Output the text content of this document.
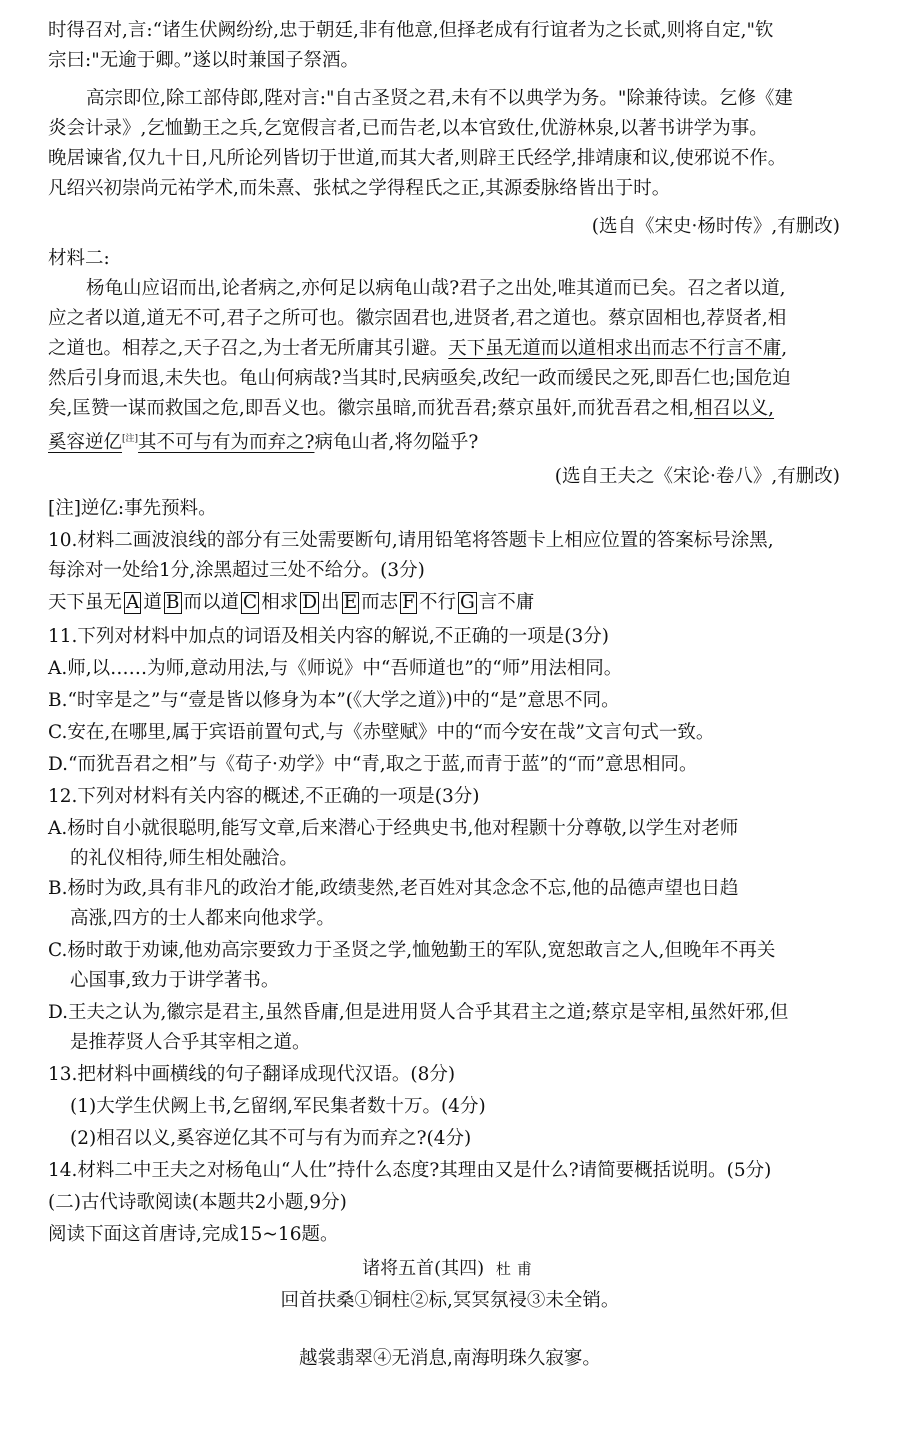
时得召对,言:“诸生伏阙纷纷,忠于朝廷,非有他意,但择老成有行谊者为之长贰,则将自定,"钦
宗曰:"无逾于卿。”遂以时兼国子祭酒。
高宗即位,除工部侍郎,陛对言:"自古圣贤之君,未有不以典学为务。"除兼待读。乞修《建
炎会计录》,乞恤勤王之兵,乞宽假言者,已而告老,以本官致仕,优游林泉,以著书讲学为事。
晚居谏省,仅九十日,凡所论列皆切于世道,而其大者,则辟王氏经学,排靖康和议,使邪说不作。
凡绍兴初崇尚元祐学术,而朱熹、张栻之学得程氏之正,其源委脉络皆出于时。
(选自《宋史·杨时传》,有删改)
材料二:
杨龟山应诏而出,论者病之,亦何足以病龟山哉?君子之出处,唯其道而已矣。召之者以道,
应之者以道,道无不可,君子之所可也。徽宗固君也,进贤者,君之道也。蔡京固相也,荐贤者,相
之道也。相荐之,天子召之,为士者无所庸其引避。天下虽无道而以道相求出而志不行言不庸,
然后引身而退,未失也。龟山何病哉?当其时,民病亟矣,改纪一政而缓民之死,即吾仁也;国危迫
矣,匡赞一谋而救国之危,即吾义也。徽宗虽暗,而犹吾君;蔡京虽奸,而犹吾君之相,相召以义,
奚容逆亿[注]其不可与有为而弃之?病龟山者,将勿隘乎?
(选自王夫之《宋论·卷八》,有删改)
[注]逆亿:事先预料。
10.材料二画波浪线的部分有三处需要断句,请用铅笔将答题卡上相应位置的答案标号涂黑,
每涂对一处给1分,涂黑超过三处不给分。(3分)
天下虽无 A 道 B 而以道 C 相求 D 出 E 而志 F 不行 G 言不庸
11.下列对材料中加点的词语及相关内容的解说,不正确的一项是(3分)
A.师,以……为师,意动用法,与《师说》中“吾师道也”的“师”用法相同。
B.“时宰是之”与“壹是皆以修身为本”(《大学之道》)中的“是”意思不同。
C.安在,在哪里,属于宾语前置句式,与《赤壁赋》中的“而今安在哉”文言句式一致。
D.“而犹吾君之相”与《荀子·劝学》中“青,取之于蓝,而青于蓝”的“而”意思相同。
12.下列对材料有关内容的概述,不正确的一项是(3分)
A.杨时自小就很聪明,能写文章,后来潜心于经典史书,他对程颢十分尊敬,以学生对老师
的礼仪相待,师生相处融洽。
B.杨时为政,具有非凡的政治才能,政绩斐然,老百姓对其念念不忘,他的品德声望也日趋
高涨,四方的士人都来向他求学。
C.杨时敢于劝谏,他劝高宗要致力于圣贤之学,恤勉勤王的军队,宽恕敢言之人,但晚年不再关
心国事,致力于讲学著书。
D.王夫之认为,徽宗是君主,虽然昏庸,但是进用贤人合乎其君主之道;蔡京是宰相,虽然奸邪,但
是推荐贤人合乎其宰相之道。
13.把材料中画横线的句子翻译成现代汉语。(8分)
(1)大学生伏阙上书,乞留纲,军民集者数十万。(4分)
(2)相召以义,奚容逆亿其不可与有为而弃之?(4分)
14.材料二中王夫之对杨龟山“人仕”持什么态度?其理由又是什么?请简要概括说明。(5分)
(二)古代诗歌阅读(本题共2小题,9分)
阅读下面这首唐诗,完成15~16题。
诸将五首(其四) 杜甫
回首扶桑①铜柱②标,冥冥氛祲③未全销。
越裳翡翠④无消息,南海明珠久寂寥。
